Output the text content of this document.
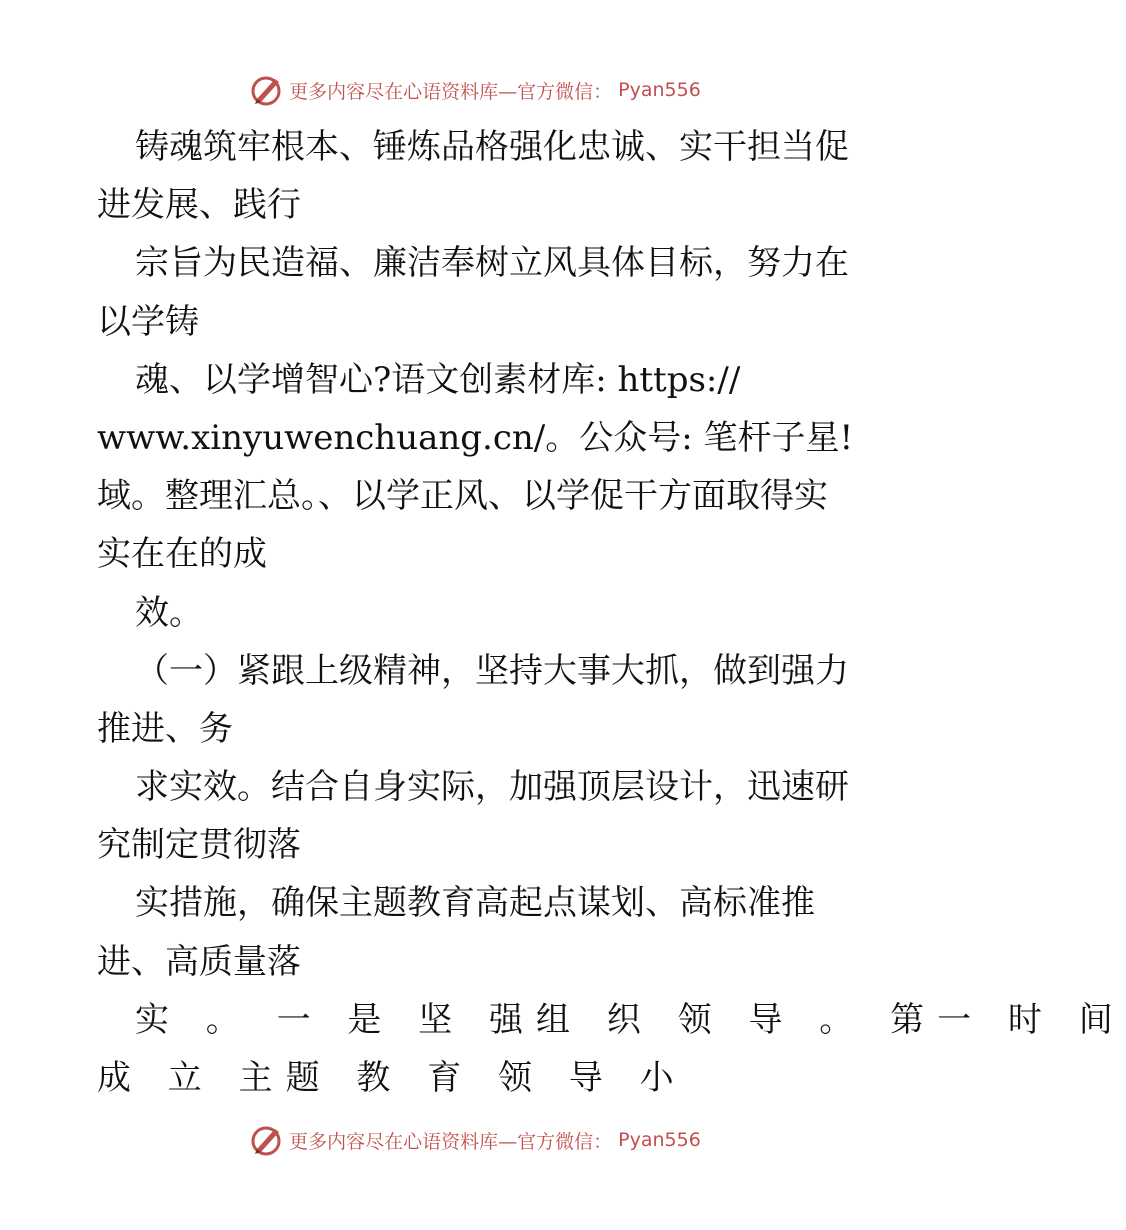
更多内容尽在心语资料库—官方微信： Pyan556
铸魂筑牢根本、锤炼品格强化忠诚、实干担当促
进发展、践行
宗旨为民造福、廉洁奉树立风具体目标，努力在
以学铸
魂、以学增智心?语文创素材库: https://
www.xinyuwenchuang.cn/。公众号: 笔杆子星!
域。整理汇总。、以学正风、以学促干方面取得实
实在在的成
效。
（一）紧跟上级精神，坚持大事大抓，做到强力
推进、务
求实效。结合自身实际，加强顶层设计，迅速研
究制定贯彻落
实措施，确保主题教育高起点谋划、高标准推
进、高质量落
实 。 一 是 坚 强组 织 领 导 。 第一 时 间
成 立 主题 教 育 领 导 小
更多内容尽在心语资料库—官方微信： Pyan556
